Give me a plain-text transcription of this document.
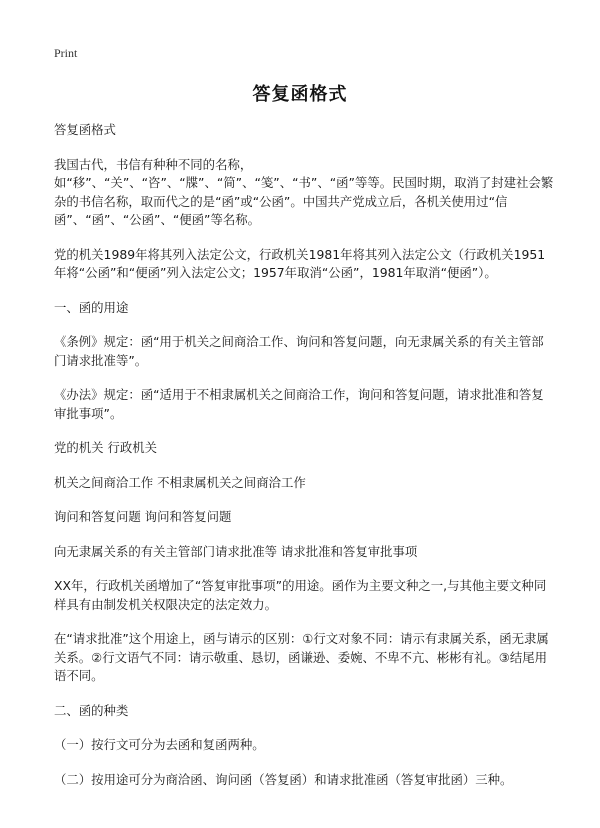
Print
答复函格式

答复函格式

我国古代，书信有种种不同的名称，如“移”、“关”、“咨”、“牒”、“简”、“笺”、“书”、“函”等等。民国时期，取消了封建社会繁杂的书信名称，取而代之的是“函”或“公函”。中国共产党成立后，各机关使用过“信函”、“函”、“公函”、“便函”等名称。

党的机关1989年将其列入法定公文，行政机关1981年将其列入法定公文（行政机关1951年将“公函”和“便函”列入法定公文；1957年取消“公函”，1981年取消“便函”）。

一、函的用途

《条例》规定：函“用于机关之间商洽工作、询问和答复问题，向无隶属关系的有关主管部门请求批准等”。

《办法》规定：函“适用于不相隶属机关之间商洽工作，询问和答复问题，请求批准和答复审批事项”。

党的机关 行政机关

机关之间商洽工作 不相隶属机关之间商洽工作

询问和答复问题 询问和答复问题

向无隶属关系的有关主管部门请求批准等 请求批准和答复审批事项

XX年，行政机关函增加了“答复审批事项”的用途。函作为主要文种之一,与其他主要文种同样具有由制发机关权限决定的法定效力。

在“请求批准”这个用途上，函与请示的区别：①行文对象不同：请示有隶属关系，函无隶属关系。②行文语气不同：请示敬重、恳切，函谦逊、委婉、不卑不亢、彬彬有礼。③结尾用语不同。

二、函的种类

（一）按行文可分为去函和复函两种。

（二）按用途可分为商洽函、询问函（答复函）和请求批准函（答复审批函）三种。
